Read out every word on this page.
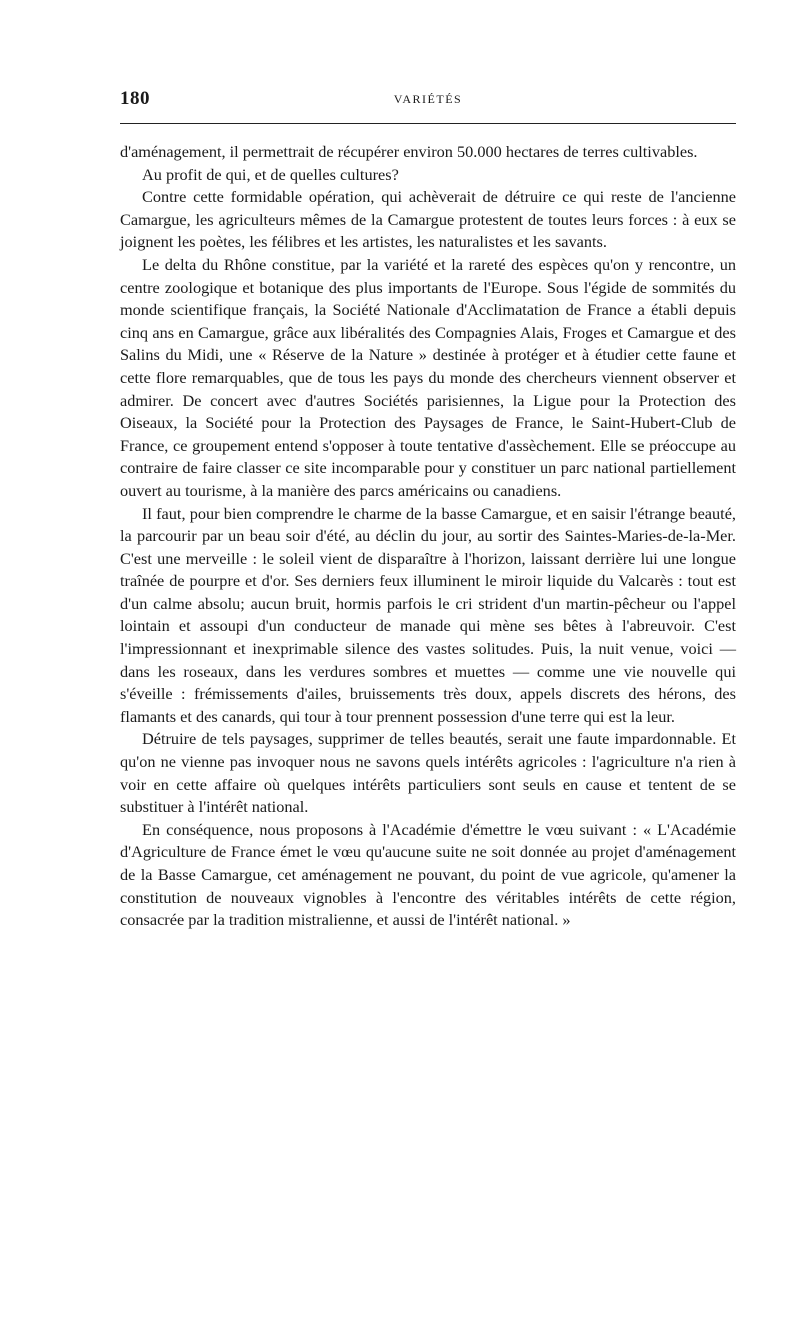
180	VARIÉTÉS

d'aménagement, il permettrait de récupérer environ 50.000 hectares de terres cultivables.

Au profit de qui, et de quelles cultures?

Contre cette formidable opération, qui achèverait de détruire ce qui reste de l'ancienne Camargue, les agriculteurs mêmes de la Camargue protestent de toutes leurs forces : à eux se joignent les poètes, les félibres et les artistes, les naturalistes et les savants.

Le delta du Rhône constitue, par la variété et la rareté des espèces qu'on y rencontre, un centre zoologique et botanique des plus importants de l'Europe. Sous l'égide de sommités du monde scientifique français, la Société Nationale d'Acclimatation de France a établi depuis cinq ans en Camargue, grâce aux libéralités des Compagnies Alais, Froges et Camargue et des Salins du Midi, une « Réserve de la Nature » destinée à protéger et à étudier cette faune et cette flore remarquables, que de tous les pays du monde des chercheurs viennent observer et admirer. De concert avec d'autres Sociétés parisiennes, la Ligue pour la Protection des Oiseaux, la Société pour la Protection des Paysages de France, le Saint-Hubert-Club de France, ce groupement entend s'opposer à toute tentative d'assèchement. Elle se préoccupe au contraire de faire classer ce site incomparable pour y constituer un parc national partiellement ouvert au tourisme, à la manière des parcs américains ou canadiens.

Il faut, pour bien comprendre le charme de la basse Camargue, et en saisir l'étrange beauté, la parcourir par un beau soir d'été, au déclin du jour, au sortir des Saintes-Maries-de-la-Mer. C'est une merveille : le soleil vient de disparaître à l'horizon, laissant derrière lui une longue traînée de pourpre et d'or. Ses derniers feux illuminent le miroir liquide du Valcarès : tout est d'un calme absolu; aucun bruit, hormis parfois le cri strident d'un martin-pêcheur ou l'appel lointain et assoupi d'un conducteur de manade qui mène ses bêtes à l'abreuvoir. C'est l'impressionnant et inexprimable silence des vastes solitudes. Puis, la nuit venue, voici — dans les roseaux, dans les verdures sombres et muettes — comme une vie nouvelle qui s'éveille : frémissements d'ailes, bruissements très doux, appels discrets des hérons, des flamants et des canards, qui tour à tour prennent possession d'une terre qui est la leur.

Détruire de tels paysages, supprimer de telles beautés, serait une faute impardonnable. Et qu'on ne vienne pas invoquer nous ne savons quels intérêts agricoles : l'agriculture n'a rien à voir en cette affaire où quelques intérêts particuliers sont seuls en cause et tentent de se substituer à l'intérêt national.

En conséquence, nous proposons à l'Académie d'émettre le vœu suivant : « L'Académie d'Agriculture de France émet le vœu qu'aucune suite ne soit donnée au projet d'aménagement de la Basse Camargue, cet aménagement ne pouvant, du point de vue agricole, qu'amener la constitution de nouveaux vignobles à l'encontre des véritables intérêts de cette région, consacrée par la tradition mistralienne, et aussi de l'intérêt national. »
